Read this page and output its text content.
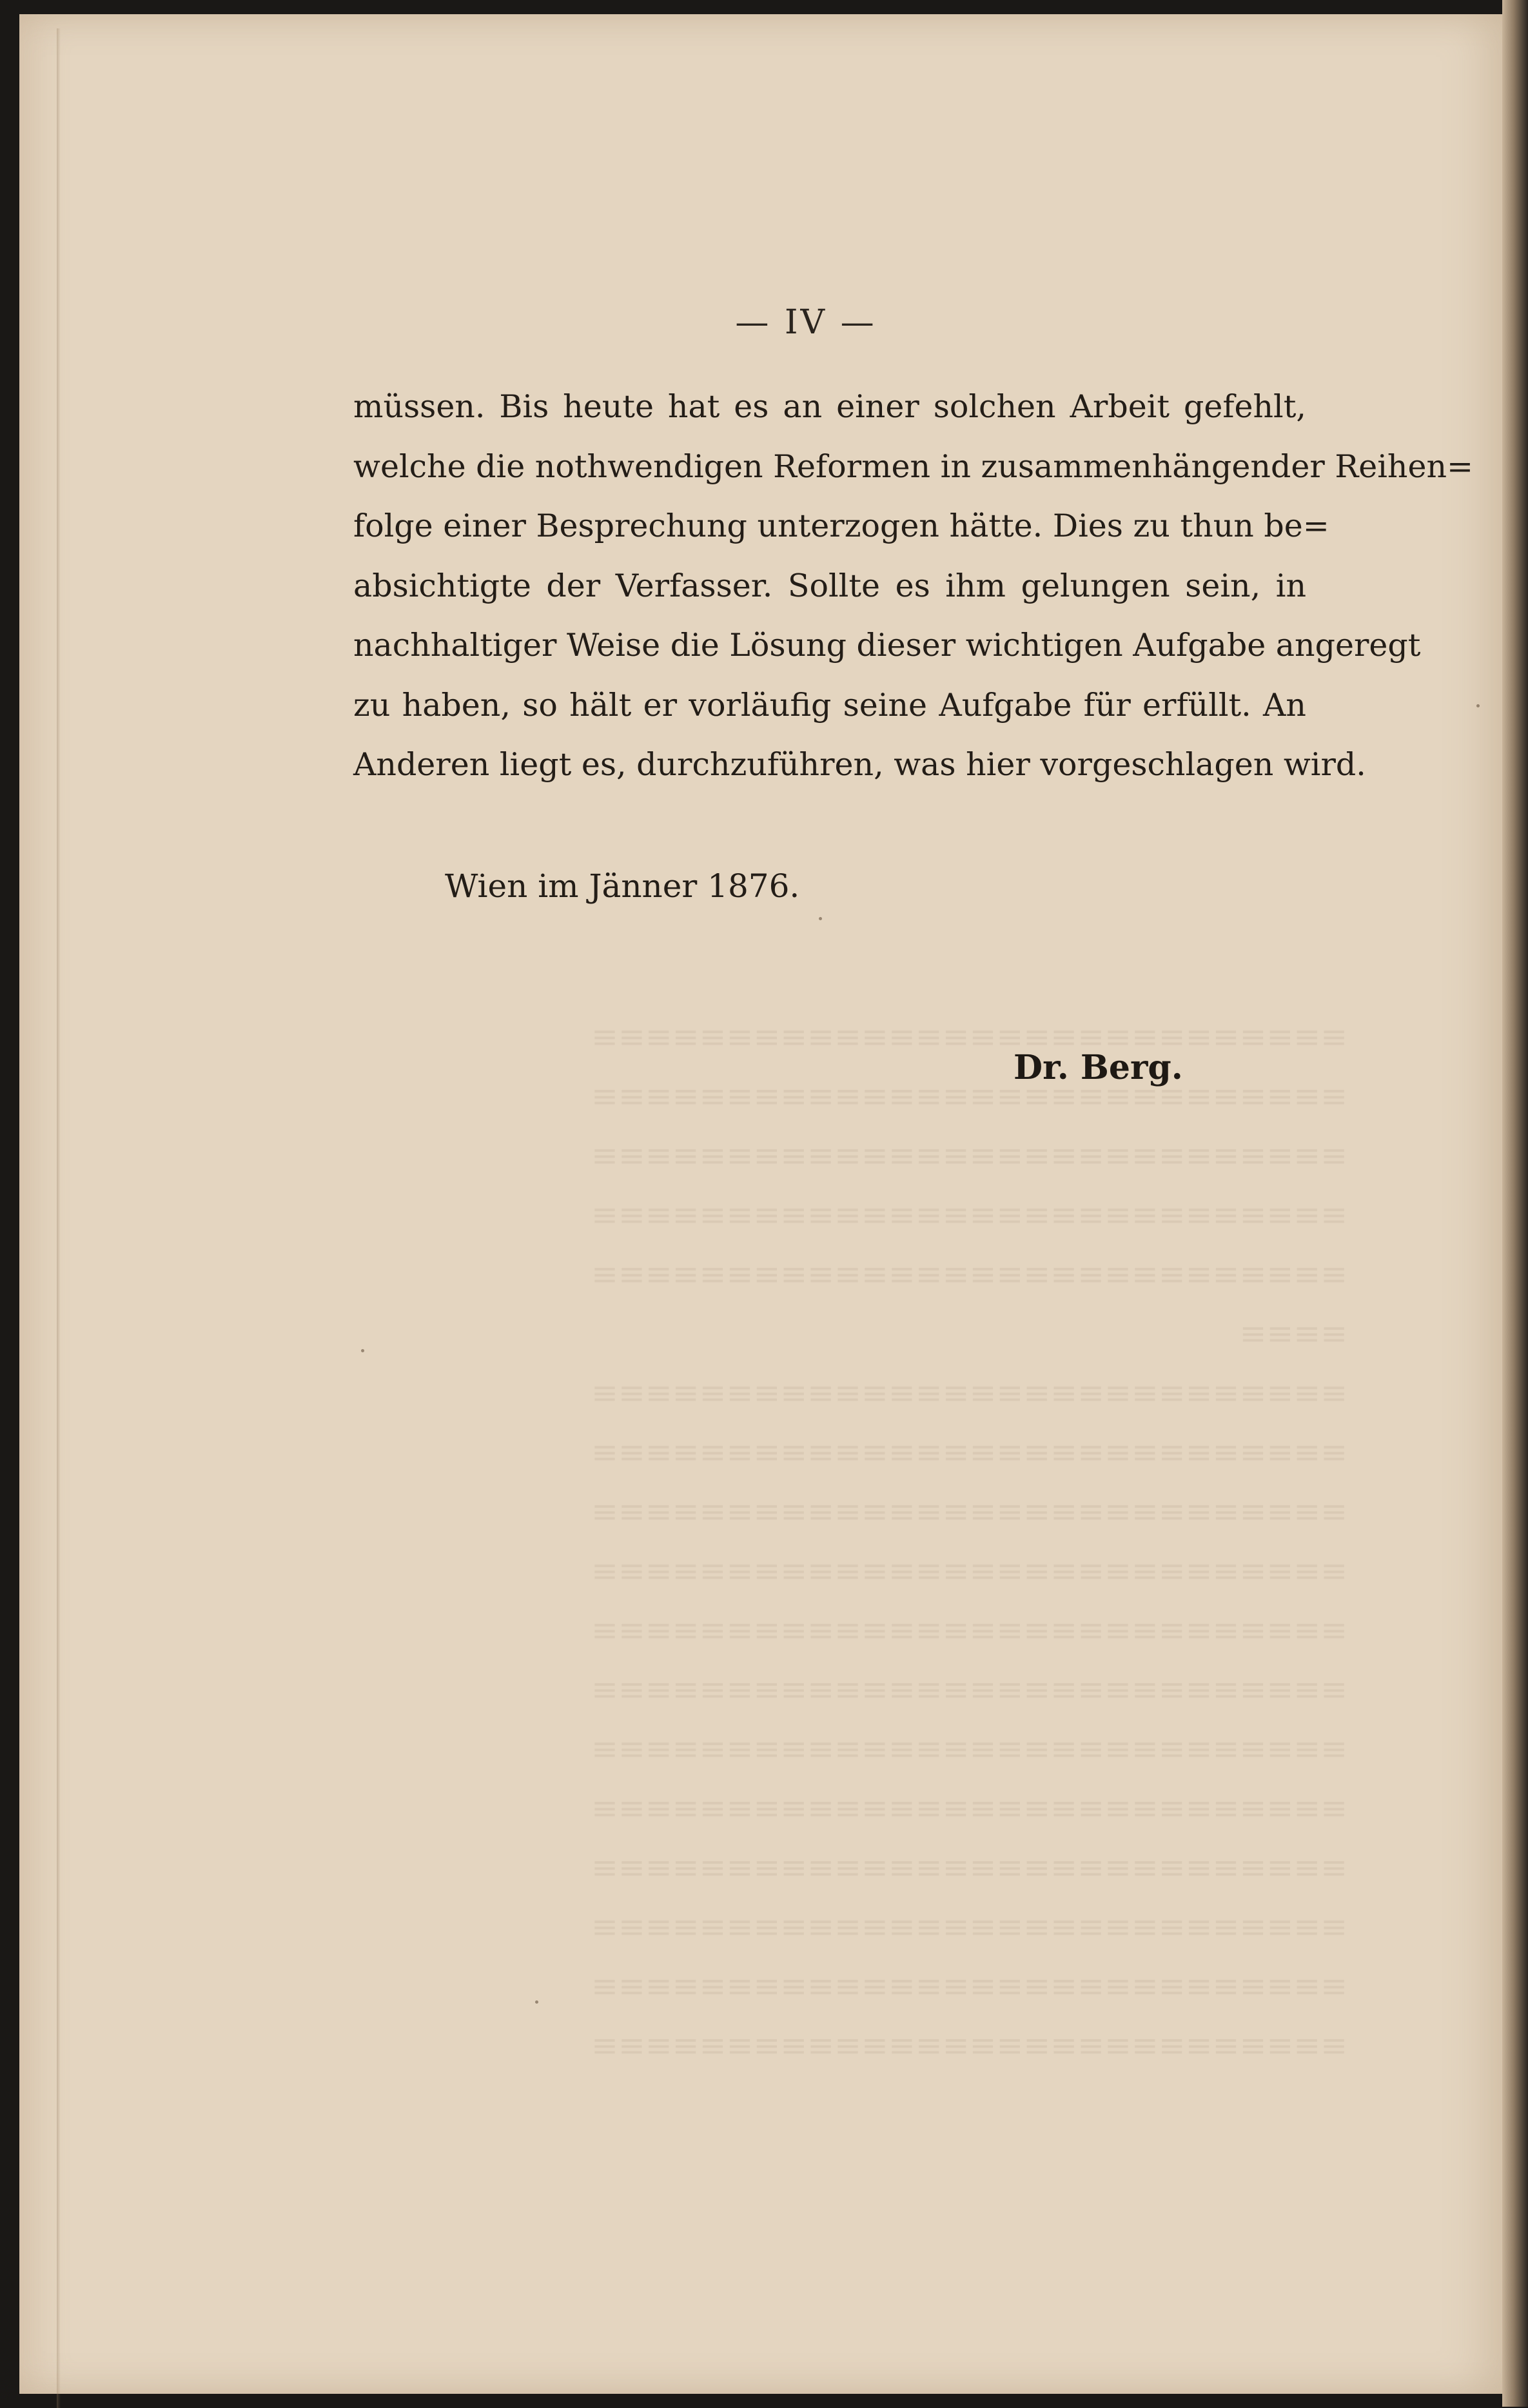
≡≡≡≡≡≡≡≡≡≡≡≡≡≡≡≡≡≡≡≡≡≡≡≡≡≡≡≡
≡≡≡≡≡≡≡≡≡≡≡≡≡≡≡≡≡≡≡≡≡≡≡≡≡≡≡≡
≡≡≡≡≡≡≡≡≡≡≡≡≡≡≡≡≡≡≡≡≡≡≡≡≡≡≡≡
≡≡≡≡≡≡≡≡≡≡≡≡≡≡≡≡≡≡≡≡≡≡≡≡≡≡≡≡
≡≡≡≡≡≡≡≡≡≡≡≡≡≡≡≡≡≡≡≡≡≡≡≡≡≡≡≡
≡≡≡≡
≡≡≡≡≡≡≡≡≡≡≡≡≡≡≡≡≡≡≡≡≡≡≡≡≡≡≡≡
≡≡≡≡≡≡≡≡≡≡≡≡≡≡≡≡≡≡≡≡≡≡≡≡≡≡≡≡
≡≡≡≡≡≡≡≡≡≡≡≡≡≡≡≡≡≡≡≡≡≡≡≡≡≡≡≡
≡≡≡≡≡≡≡≡≡≡≡≡≡≡≡≡≡≡≡≡≡≡≡≡≡≡≡≡
≡≡≡≡≡≡≡≡≡≡≡≡≡≡≡≡≡≡≡≡≡≡≡≡≡≡≡≡
≡≡≡≡≡≡≡≡≡≡≡≡≡≡≡≡≡≡≡≡≡≡≡≡≡≡≡≡
≡≡≡≡≡≡≡≡≡≡≡≡≡≡≡≡≡≡≡≡≡≡≡≡≡≡≡≡
≡≡≡≡≡≡≡≡≡≡≡≡≡≡≡≡≡≡≡≡≡≡≡≡≡≡≡≡
≡≡≡≡≡≡≡≡≡≡≡≡≡≡≡≡≡≡≡≡≡≡≡≡≡≡≡≡
≡≡≡≡≡≡≡≡≡≡≡≡≡≡≡≡≡≡≡≡≡≡≡≡≡≡≡≡
≡≡≡≡≡≡≡≡≡≡≡≡≡≡≡≡≡≡≡≡≡≡≡≡≡≡≡≡
≡≡≡≡≡≡≡≡≡≡≡≡≡≡≡≡≡≡≡≡≡≡≡≡≡≡≡≡
— IV —
müssen. Bis heute hat es an einer solchen Arbeit gefehlt,
welche die nothwendigen Reformen in zusammenhängender Reihen=
folge einer Besprechung unterzogen hätte. Dies zu thun be=
absichtigte der Verfasser. Sollte es ihm gelungen sein, in
nachhaltiger Weise die Lösung dieser wichtigen Aufgabe angeregt
zu haben, so hält er vorläufig seine Aufgabe für erfüllt. An
Anderen liegt es, durchzuführen, was hier vorgeschlagen wird.
Wien im Jänner 1876.
Dr. Berg.
